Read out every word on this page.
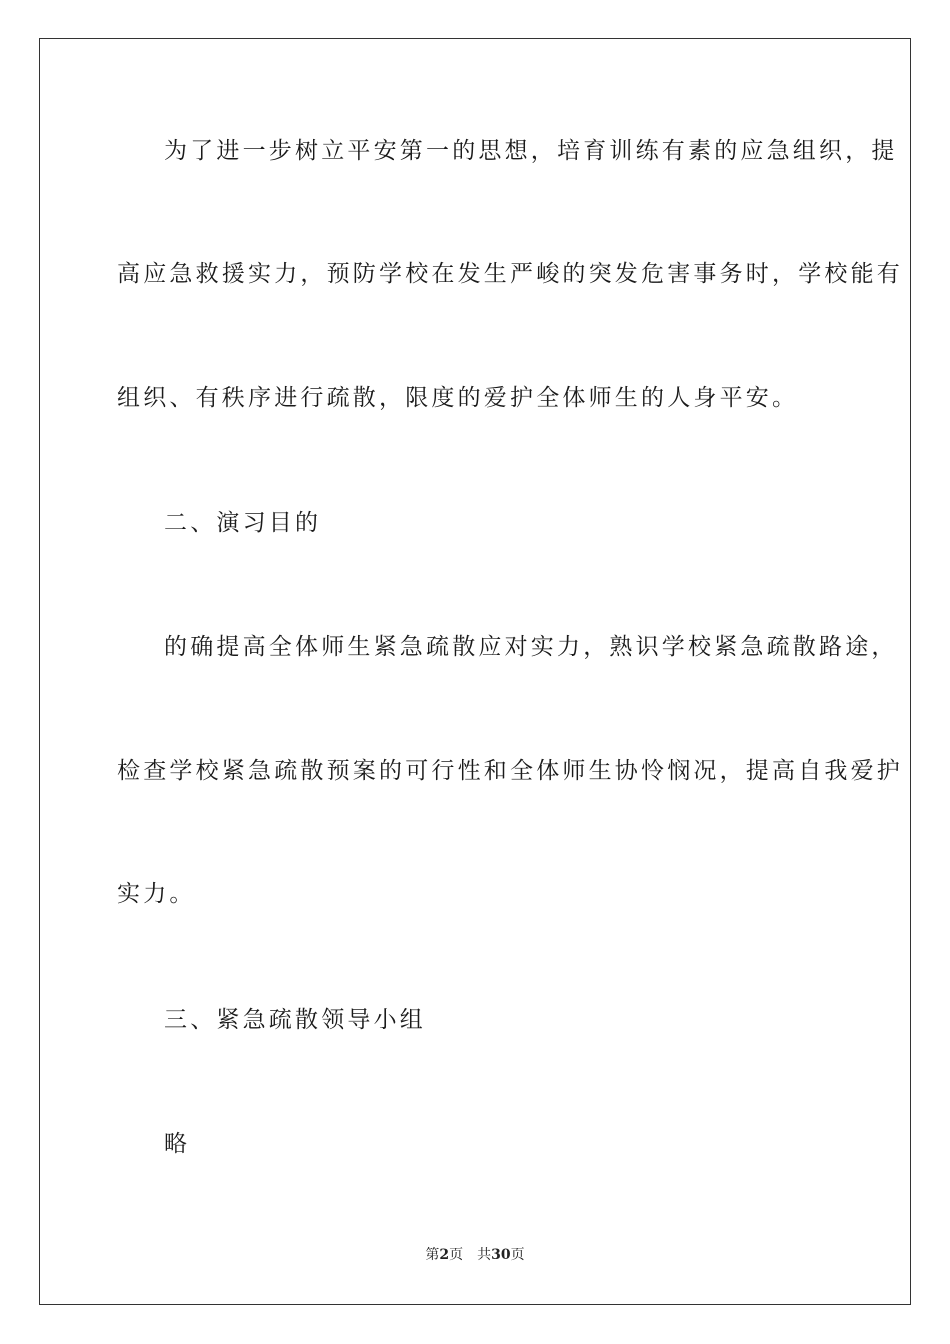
为了进一步树立平安第一的思想，培育训练有素的应急组织，提
高应急救援实力，预防学校在发生严峻的突发危害事务时，学校能有
组织、有秩序进行疏散，限度的爱护全体师生的人身平安。
二、演习目的
的确提高全体师生紧急疏散应对实力，熟识学校紧急疏散路途，
检查学校紧急疏散预案的可行性和全体师生协怜悯况，提高自我爱护
实力。
三、紧急疏散领导小组
略
第2页 共30页
